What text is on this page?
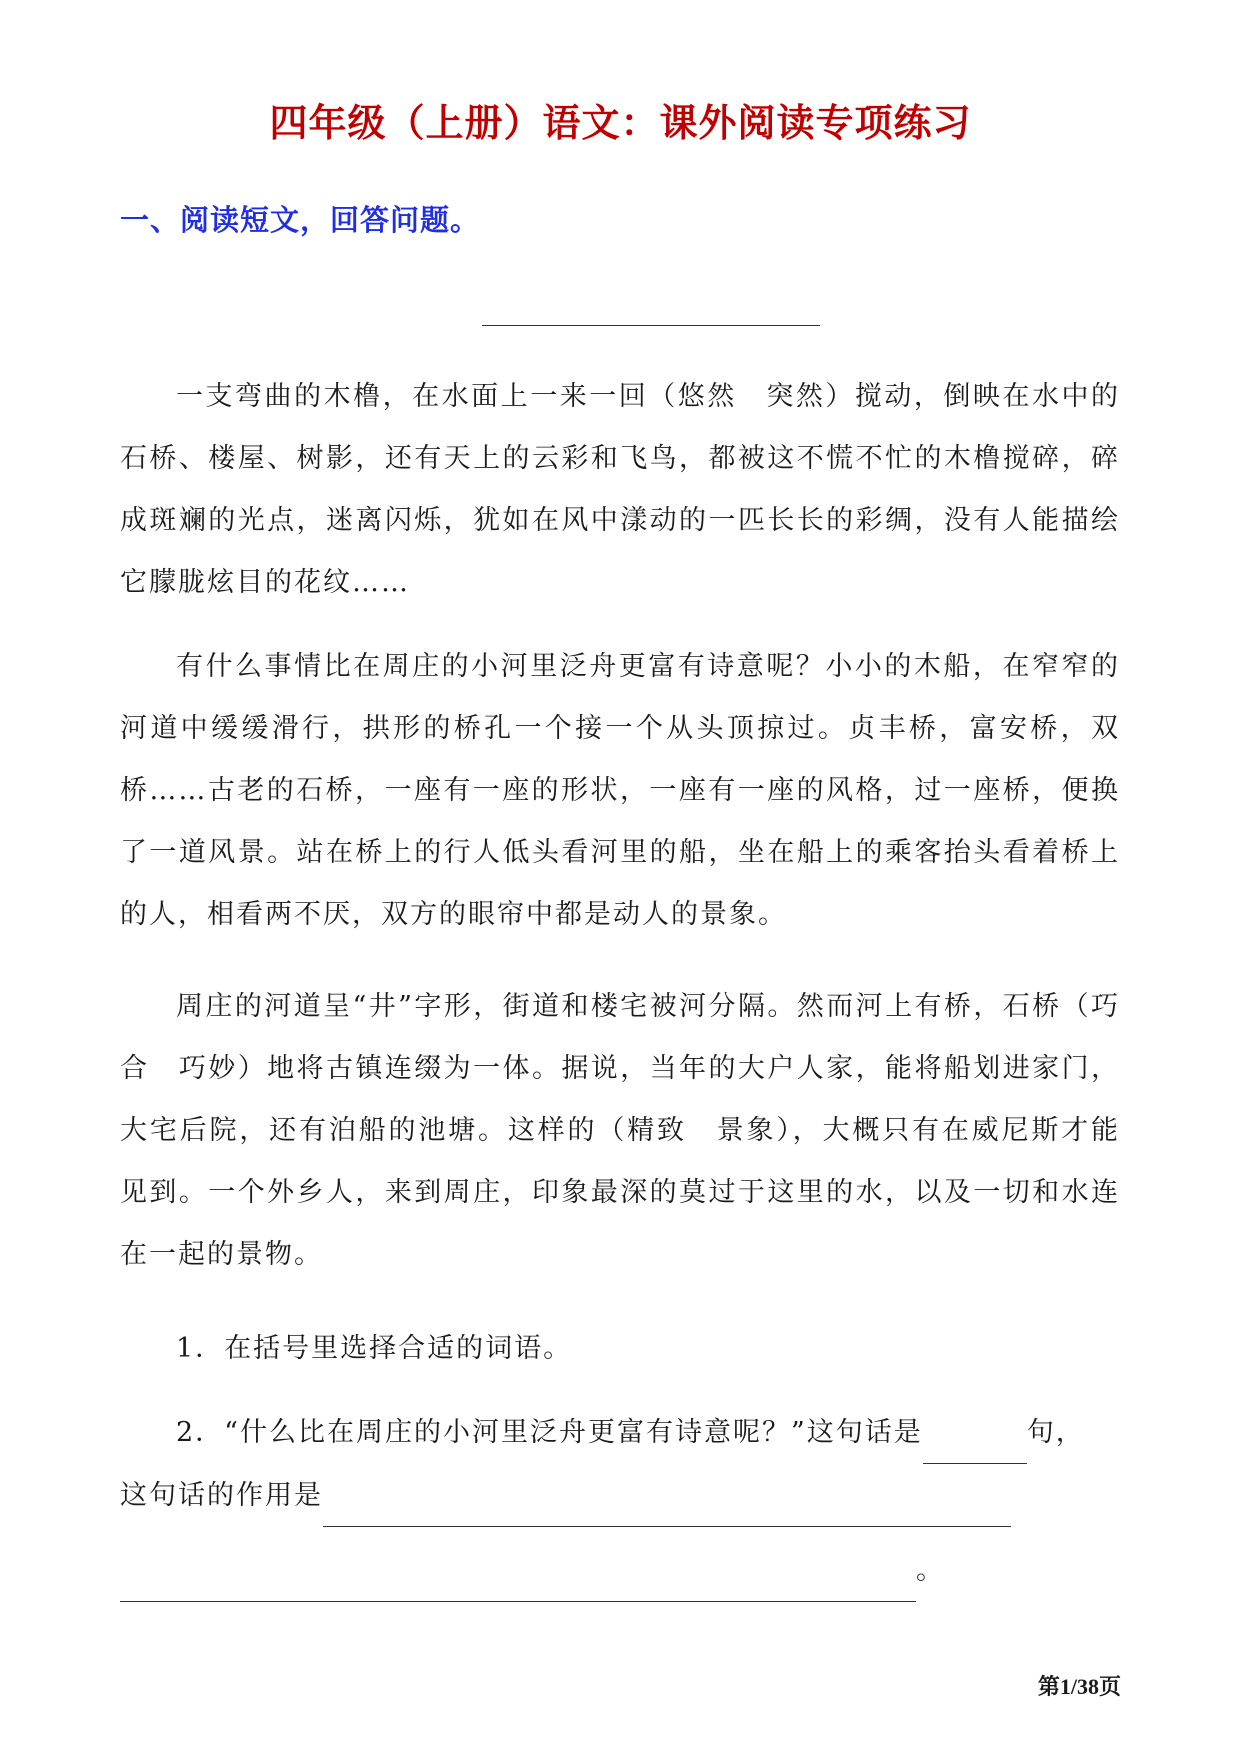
四年级（上册）语文：课外阅读专项练习
一、阅读短文，回答问题。

一支弯曲的木橹，在水面上一来一回（悠然　突然）搅动，倒映在水中的石桥、楼屋、树影，还有天上的云彩和飞鸟，都被这不慌不忙的木橹搅碎，碎成斑斓的光点，迷离闪烁，犹如在风中漾动的一匹长长的彩绸，没有人能描绘它朦胧炫目的花纹……

有什么事情比在周庄的小河里泛舟更富有诗意呢？小小的木船，在窄窄的河道中缓缓滑行，拱形的桥孔一个接一个从头顶掠过。贞丰桥，富安桥，双桥……古老的石桥，一座有一座的形状，一座有一座的风格，过一座桥，便换了一道风景。站在桥上的行人低头看河里的船，坐在船上的乘客抬头看着桥上的人，相看两不厌，双方的眼帘中都是动人的景象。

周庄的河道呈“井”字形，街道和楼宅被河分隔。然而河上有桥，石桥（巧合　巧妙）地将古镇连缀为一体。据说，当年的大户人家，能将船划进家门，大宅后院，还有泊船的池塘。这样的（精致　景象），大概只有在威尼斯才能见到。一个外乡人，来到周庄，印象最深的莫过于这里的水，以及一切和水连在一起的景物。

1．在括号里选择合适的词语。
2．“什么比在周庄的小河里泛舟更富有诗意呢？”这句话是	句，
这句话的作用是
。
第1/38页
